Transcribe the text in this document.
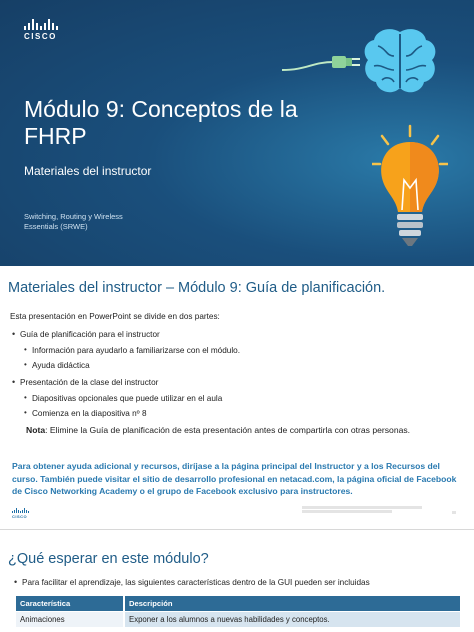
CISCO
Módulo 9: Conceptos de la FHRP
Materiales del instructor
Switching, Routing y Wireless
Essentials (SRWE)
Materiales del instructor – Módulo 9: Guía de planificación.
Esta presentación en PowerPoint se divide en dos partes:
• Guía de planificación para el instructor
• Información para ayudarlo a familiarizarse con el módulo.
• Ayuda didáctica
• Presentación de la clase del instructor
• Diapositivas opcionales que puede utilizar en el aula
• Comienza en la diapositiva nº 8
Nota: Elimine la Guía de planificación de esta presentación antes de compartirla con otras personas.
Para obtener ayuda adicional y recursos, diríjase a la página principal del Instructor y a los Recursos del curso. También puede visitar el sitio de desarrollo profesional en netacad.com, la página oficial de Facebook de Cisco Networking Academy o el grupo de Facebook exclusivo para instructores.
CISCO
¿Qué esperar en este módulo?
• Para facilitar el aprendizaje, las siguientes características dentro de la GUI pueden ser incluidas
Característica	Descripción
Animaciones	Exponer a los alumnos a nuevas habilidades y conceptos.
